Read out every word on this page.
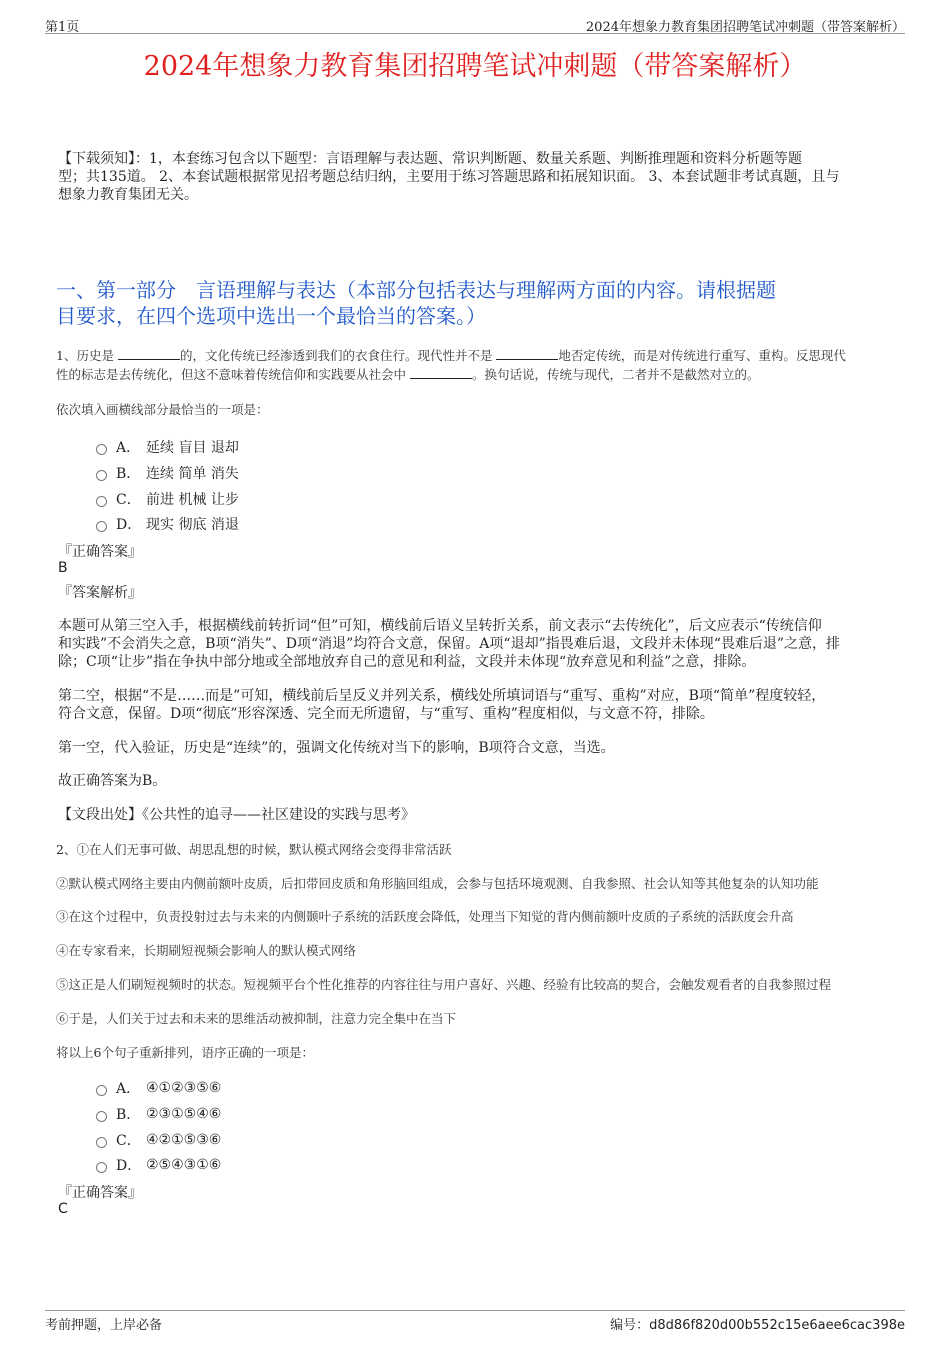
第1页	2024年想象力教育集团招聘笔试冲刺题（带答案解析）
2024年想象力教育集团招聘笔试冲刺题（带答案解析）
【下载须知】：1，本套练习包含以下题型：言语理解与表达题、常识判断题、数量关系题、判断推理题和资料分析题等题
型；共135道。 2、本套试题根据常见招考题总结归纳，主要用于练习答题思路和拓展知识面。 3、本套试题非考试真题，且与
想象力教育集团无关。
一、第一部分　言语理解与表达（本部分包括表达与理解两方面的内容。请根据题
目要求，在四个选项中选出一个最恰当的答案。）
1、历史是	的，文化传统已经渗透到我们的衣食住行。现代性并不是	地否定传统，而是对传统进行重写、重构。反思现代
性的标志是去传统化，但这不意味着传统信仰和实践要从社会中	。换句话说，传统与现代，二者并不是截然对立的。
依次填入画横线部分最恰当的一项是：
A． 延续 盲目 退却
B． 连续 简单 消失
C． 前进 机械 让步
D． 现实 彻底 消退
『正确答案』
B
『答案解析』
本题可从第三空入手，根据横线前转折词“但”可知，横线前后语义呈转折关系，前文表示“去传统化”，后文应表示“传统信仰
和实践”不会消失之意，B项“消失”、D项“消退”均符合文意，保留。A项“退却”指畏难后退，文段并未体现“畏难后退”之意，排
除；C项“让步”指在争执中部分地或全部地放弃自己的意见和利益，文段并未体现“放弃意见和利益”之意，排除。
第二空，根据“不是……而是”可知，横线前后呈反义并列关系，横线处所填词语与“重写、重构”对应，B项“简单”程度较轻，
符合文意，保留。D项“彻底”形容深透、完全而无所遗留，与“重写、重构”程度相似，与文意不符，排除。
第一空，代入验证，历史是“连续”的，强调文化传统对当下的影响，B项符合文意，当选。
故正确答案为B。
【文段出处】《公共性的追寻——社区建设的实践与思考》
2、①在人们无事可做、胡思乱想的时候，默认模式网络会变得非常活跃
②默认模式网络主要由内侧前额叶皮质，后扣带回皮质和角形脑回组成，会参与包括环境观测、自我参照、社会认知等其他复杂的认知功能
③在这个过程中，负责投射过去与未来的内侧颞叶子系统的活跃度会降低，处理当下知觉的背内侧前额叶皮质的子系统的活跃度会升高
④在专家看来，长期刷短视频会影响人的默认模式网络
⑤这正是人们刷短视频时的状态。短视频平台个性化推荐的内容往往与用户喜好、兴趣、经验有比较高的契合，会触发观看者的自我参照过程
⑥于是，人们关于过去和未来的思维活动被抑制，注意力完全集中在当下
将以上6个句子重新排列，语序正确的一项是：
A． ④①②③⑤⑥
B． ②③①⑤④⑥
C． ④②①⑤③⑥
D． ②⑤④③①⑥
『正确答案』
C
考前押题，上岸必备	编号：d8d86f820d00b552c15e6aee6cac398e
